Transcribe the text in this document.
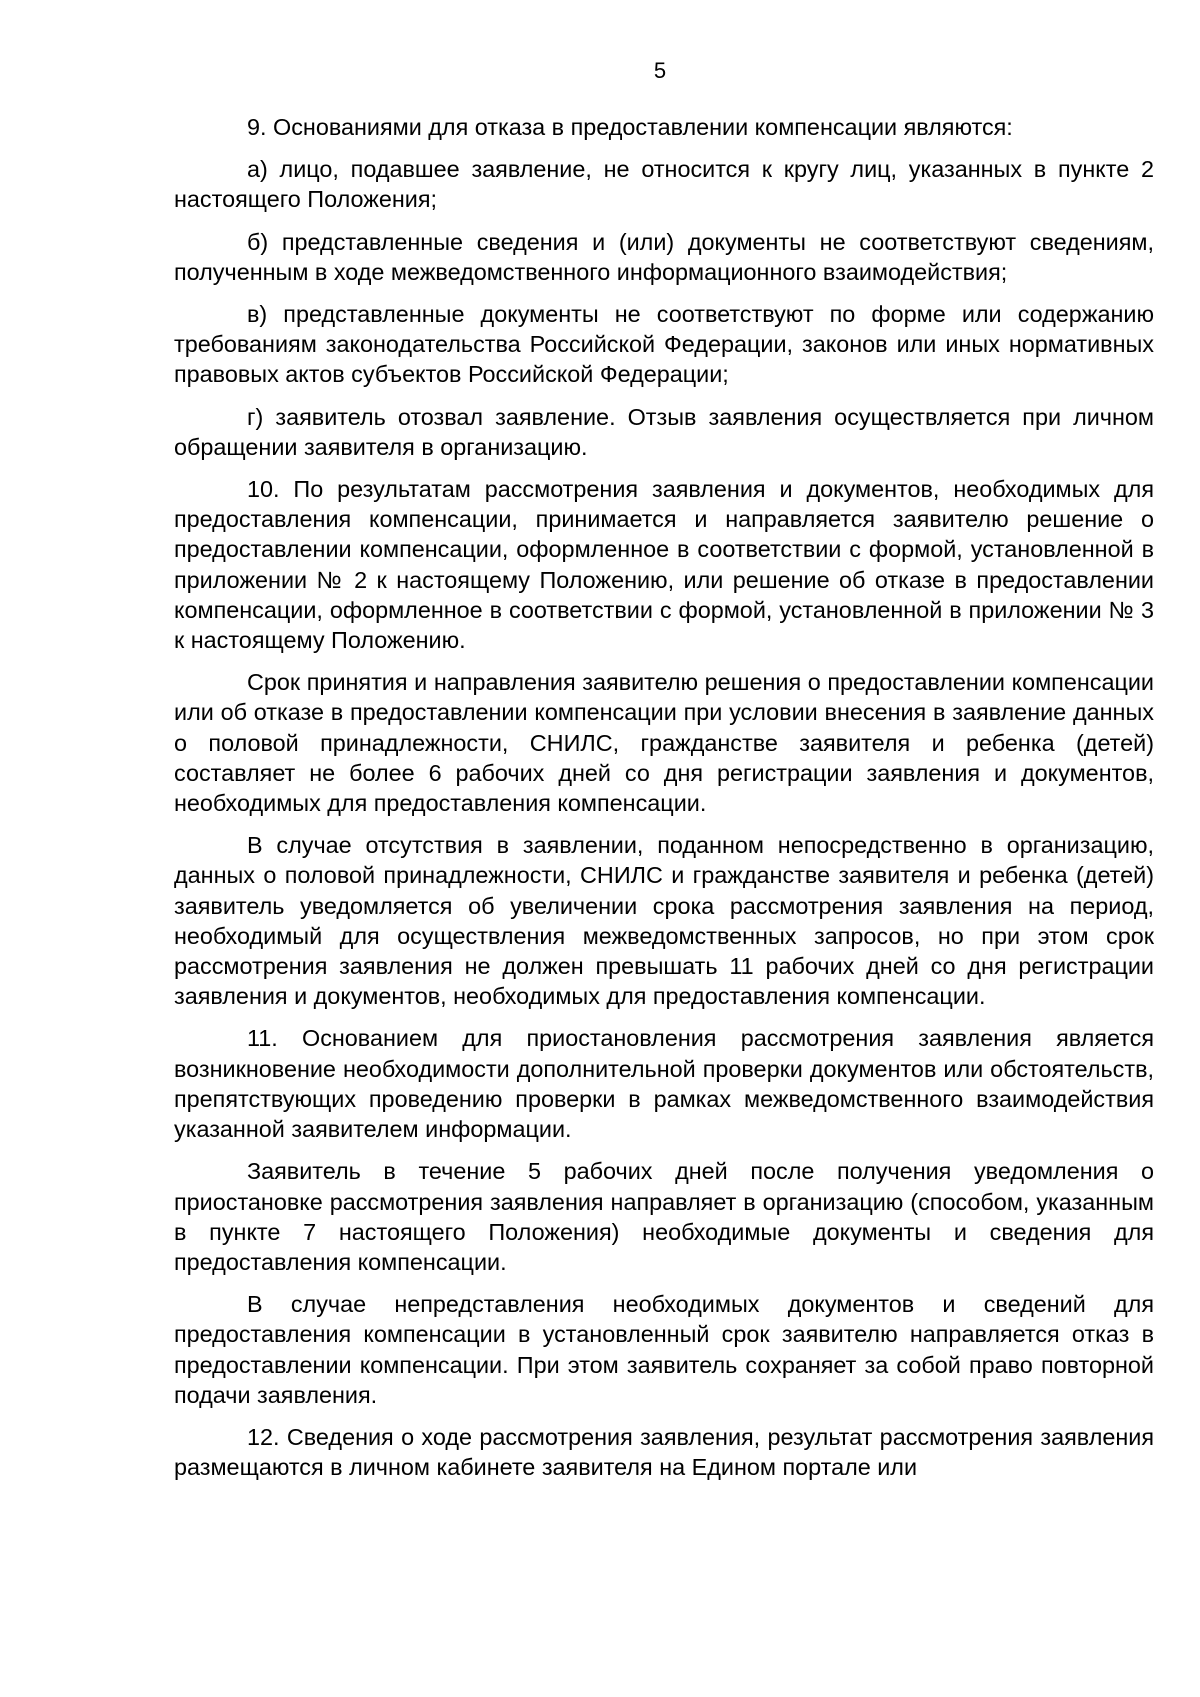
5

9. Основаниями для отказа в предоставлении компенсации являются:

а) лицо, подавшее заявление, не относится к кругу лиц, указанных в пункте 2 настоящего Положения;

б) представленные сведения и (или) документы не соответствуют сведениям, полученным в ходе межведомственного информационного взаимодействия;

в) представленные документы не соответствуют по форме или содержанию требованиям законодательства Российской Федерации, законов или иных нормативных правовых актов субъектов Российской Федерации;

г) заявитель отозвал заявление. Отзыв заявления осуществляется при личном обращении заявителя в организацию.

10. По результатам рассмотрения заявления и документов, необходимых для предоставления компенсации, принимается и направляется заявителю решение о предоставлении компенсации, оформленное в соответствии с формой, установленной в приложении № 2 к настоящему Положению, или решение об отказе в предоставлении компенсации, оформленное в соответствии с формой, установленной в приложении № 3 к настоящему Положению.

Срок принятия и направления заявителю решения о предоставлении компенсации или об отказе в предоставлении компенсации при условии внесения в заявление данных о половой принадлежности, СНИЛС, гражданстве заявителя и ребенка (детей) составляет не более 6 рабочих дней со дня регистрации заявления и документов, необходимых для предоставления компенсации.

В случае отсутствия в заявлении, поданном непосредственно в организацию, данных о половой принадлежности, СНИЛС и гражданстве заявителя и ребенка (детей) заявитель уведомляется об увеличении срока рассмотрения заявления на период, необходимый для осуществления межведомственных запросов, но при этом срок рассмотрения заявления не должен превышать 11 рабочих дней со дня регистрации заявления и документов, необходимых для предоставления компенсации.

11. Основанием для приостановления рассмотрения заявления является возникновение необходимости дополнительной проверки документов или обстоятельств, препятствующих проведению проверки в рамках межведомственного взаимодействия указанной заявителем информации.

Заявитель в течение 5 рабочих дней после получения уведомления о приостановке рассмотрения заявления направляет в организацию (способом, указанным в пункте 7 настоящего Положения) необходимые документы и сведения для предоставления компенсации.

В случае непредставления необходимых документов и сведений для предоставления компенсации в установленный срок заявителю направляется отказ в предоставлении компенсации. При этом заявитель сохраняет за собой право повторной подачи заявления.

12. Сведения о ходе рассмотрения заявления, результат рассмотрения заявления размещаются в личном кабинете заявителя на Едином портале или
